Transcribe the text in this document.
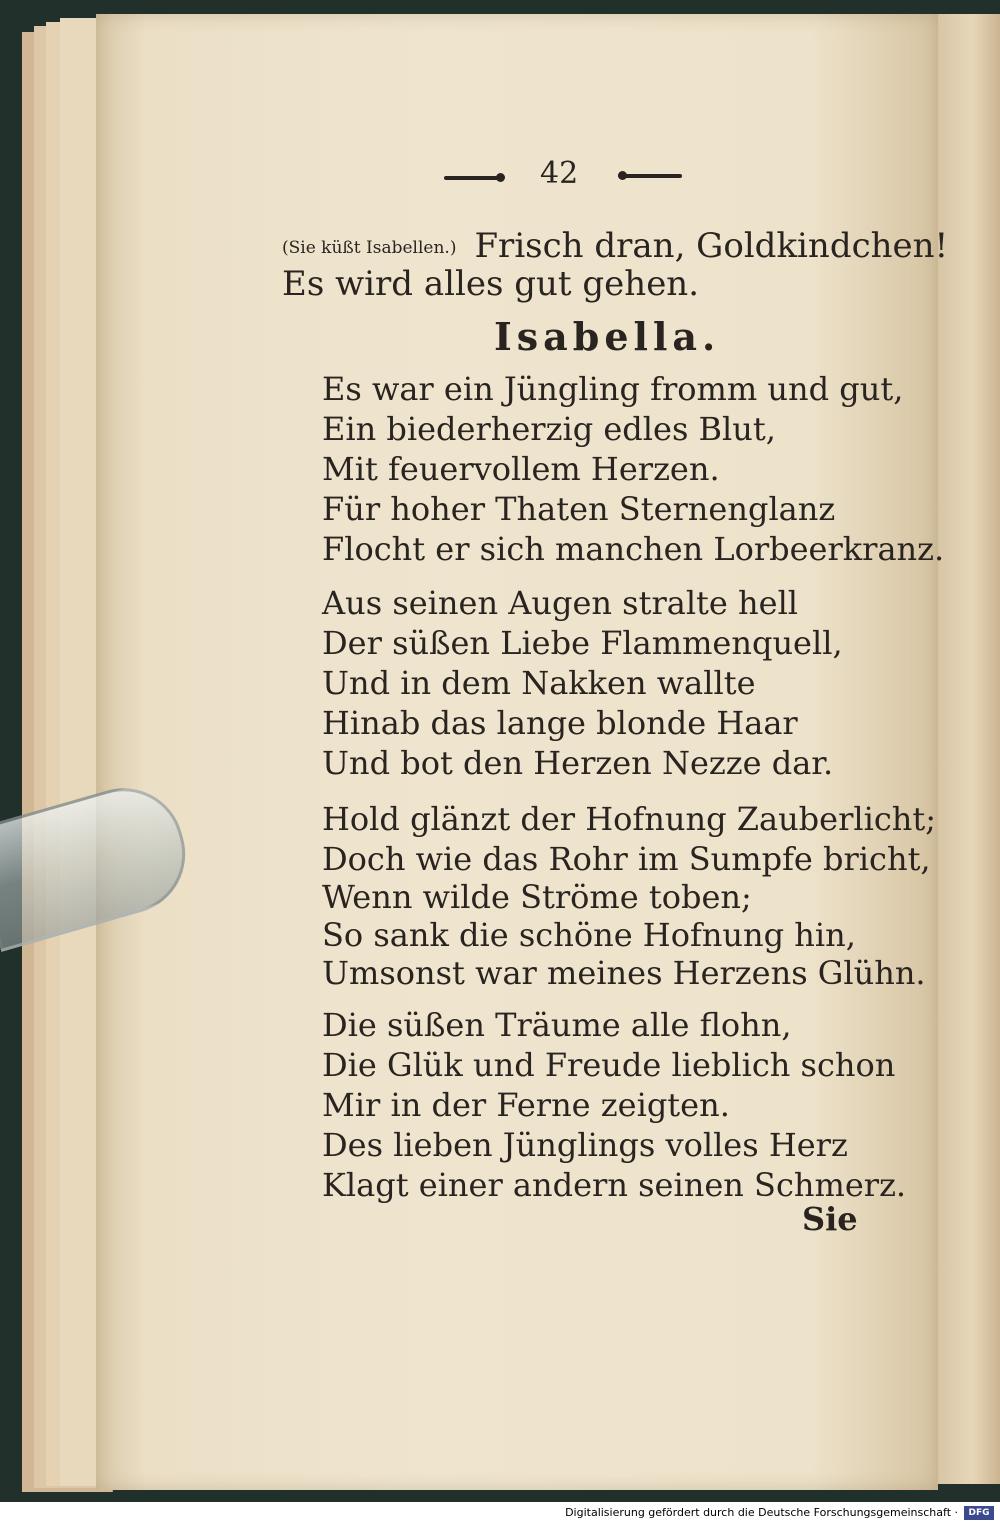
42
(Sie küßt Isabellen.) Frisch dran, Goldkindchen!
Es wird alles gut gehen.
Isabella.
Es war ein Jüngling fromm und gut,
Ein biederherzig edles Blut,
Mit feuervollem Herzen.
Für hoher Thaten Sternenglanz
Flocht er sich manchen Lorbeerkranz.
Aus seinen Augen stralte hell
Der süßen Liebe Flammenquell,
Und in dem Nakken wallte
Hinab das lange blonde Haar
Und bot den Herzen Nezze dar.
Hold glänzt der Hofnung Zauberlicht;
Doch wie das Rohr im Sumpfe bricht,
Wenn wilde Ströme toben;
So sank die schöne Hofnung hin,
Umsonst war meines Herzens Glühn.
Die süßen Träume alle flohn,
Die Glük und Freude lieblich schon
Mir in der Ferne zeigten.
Des lieben Jünglings volles Herz
Klagt einer andern seinen Schmerz.
Sie
Digitalisierung gefördert durch die Deutsche Forschungsgemeinschaft ·	DFG
